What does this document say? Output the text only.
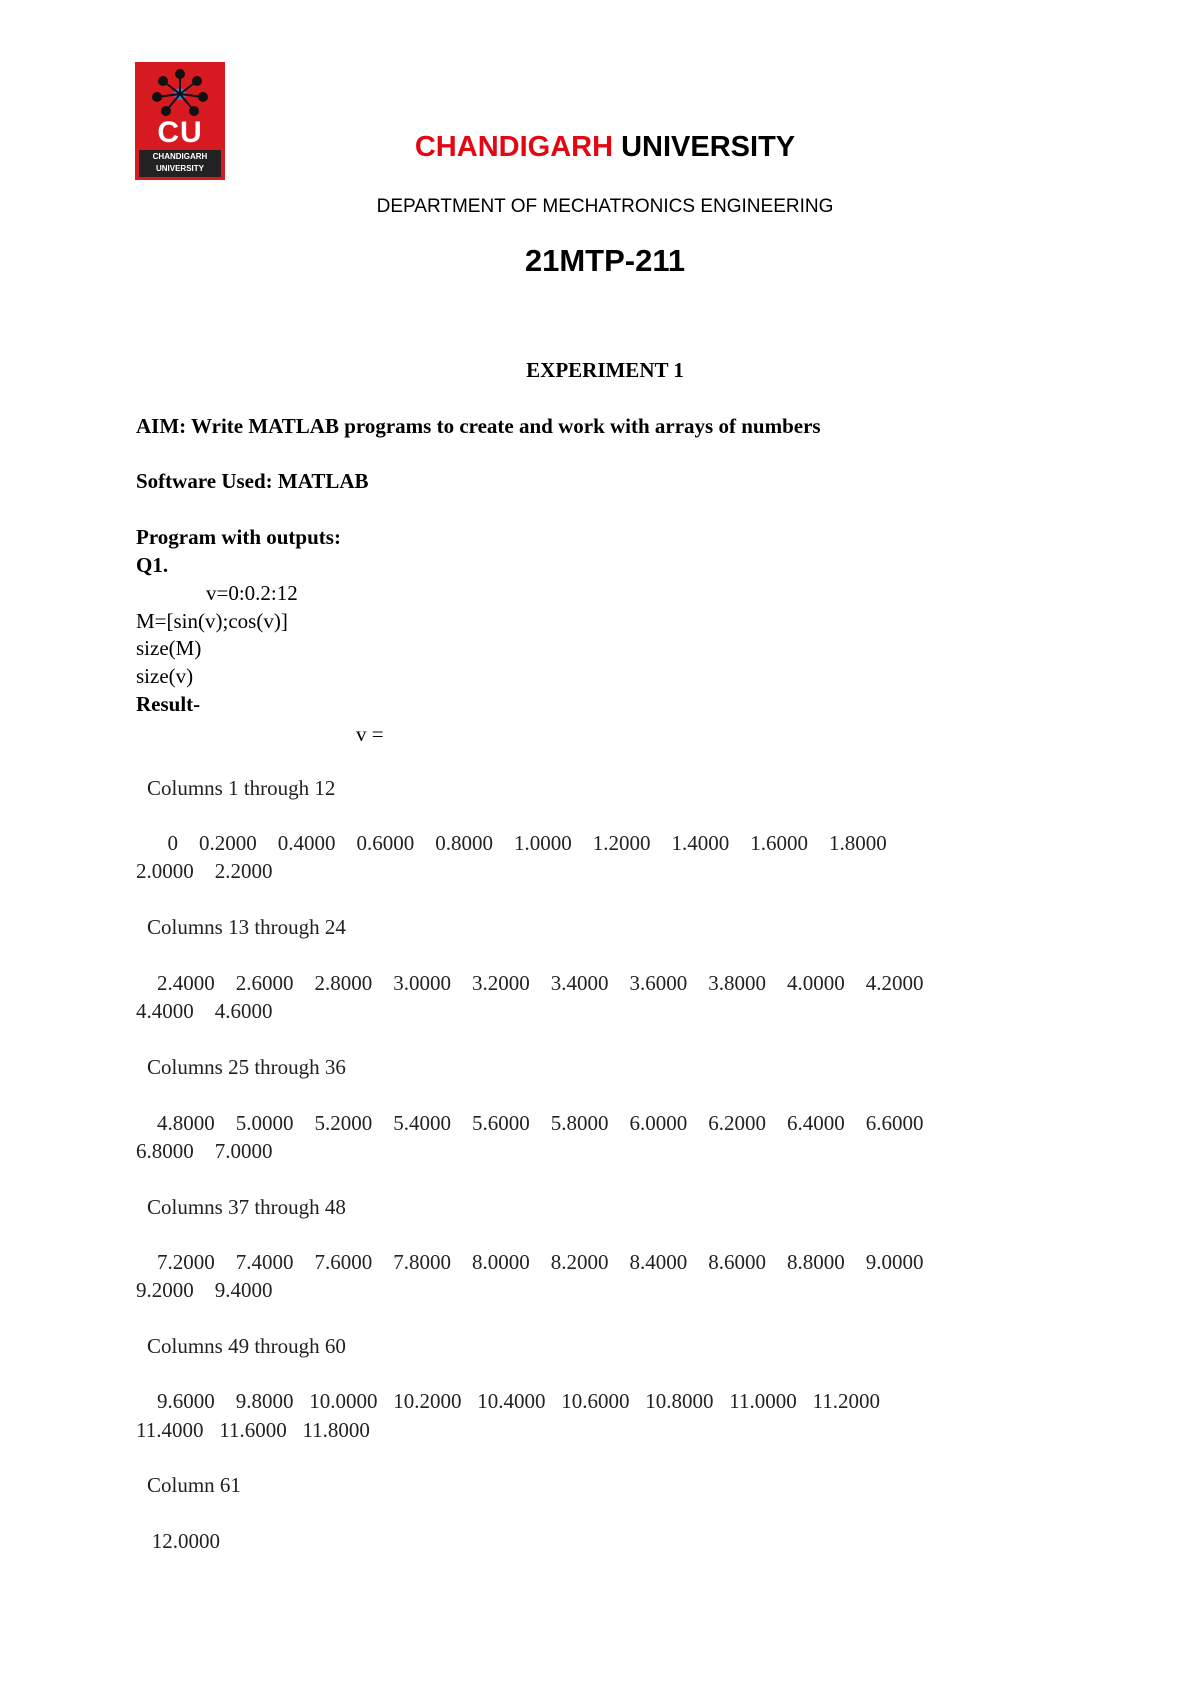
CU
CHANDIGARH UNIVERSITY
CHANDIGARH UNIVERSITY
DEPARTMENT OF MECHATRONICS ENGINEERING
21MTP-211
EXPERIMENT 1
AIM: Write MATLAB programs to create and work with arrays of numbers
Software Used: MATLAB
Program with outputs:
Q1.
v=0:0.2:12
M=[sin(v);cos(v)]
size(M)
size(v)
Result-
v =
Columns 1 through 12
0    0.2000    0.4000    0.6000    0.8000    1.0000    1.2000    1.4000    1.6000    1.8000
2.0000    2.2000
Columns 13 through 24
2.4000    2.6000    2.8000    3.0000    3.2000    3.4000    3.6000    3.8000    4.0000    4.2000
4.4000    4.6000
Columns 25 through 36
4.8000    5.0000    5.2000    5.4000    5.6000    5.8000    6.0000    6.2000    6.4000    6.6000
6.8000    7.0000
Columns 37 through 48
7.2000    7.4000    7.6000    7.8000    8.0000    8.2000    8.4000    8.6000    8.8000    9.0000
9.2000    9.4000
Columns 49 through 60
9.6000    9.8000   10.0000   10.2000   10.4000   10.6000   10.8000   11.0000   11.2000
11.4000   11.6000   11.8000
Column 61
12.0000
